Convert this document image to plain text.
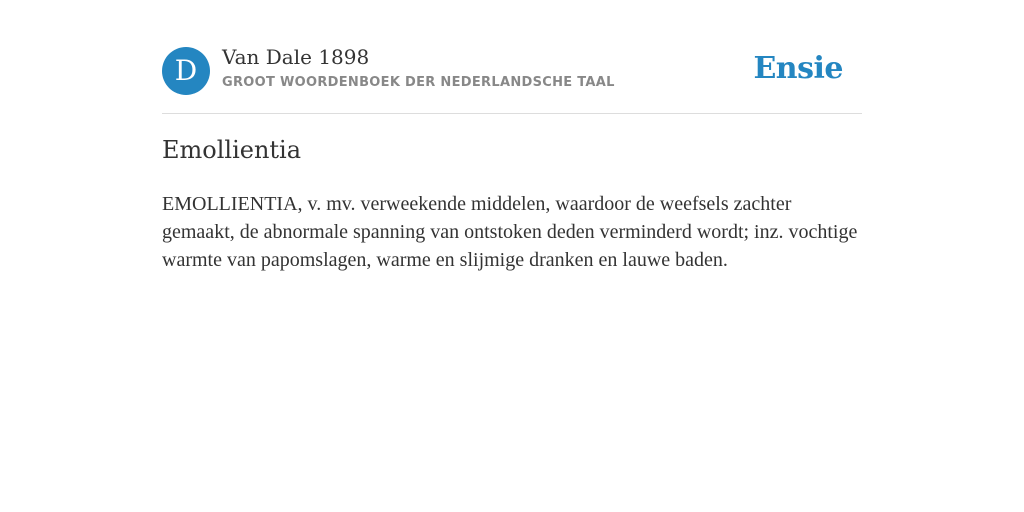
D	Van Dale 1898
GROOT WOORDENBOEK DER NEDERLANDSCHE TAAL	Ensie
Emollientia

EMOLLIENTIA, v. mv. verweekende middelen, waardoor de weefsels zachter gemaakt, de abnormale spanning van ontstoken deden verminderd wordt; inz. vochtige warmte van papomslagen, warme en slijmige dranken en lauwe baden.
